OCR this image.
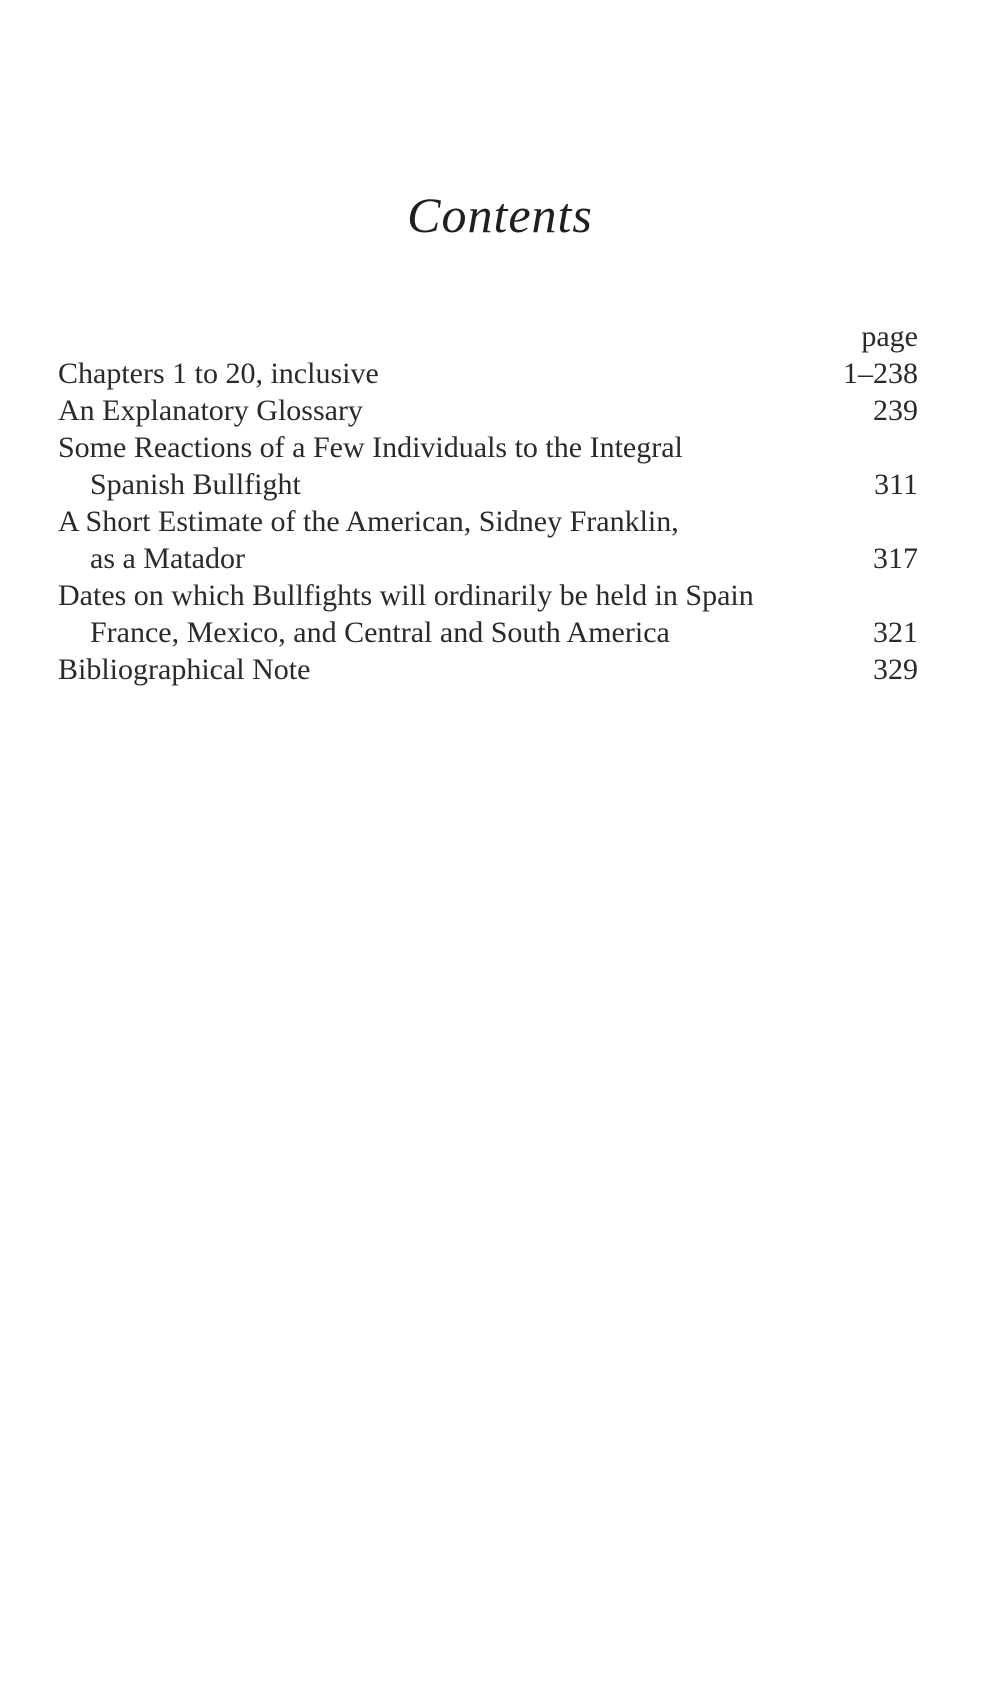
Contents
page
Chapters 1 to 20, inclusive	1–238
An Explanatory Glossary	239
Some Reactions of a Few Individuals to the Integral
Spanish Bullfight	311
A Short Estimate of the American, Sidney Franklin,
as a Matador	317
Dates on which Bullfights will ordinarily be held in Spain
France, Mexico, and Central and South America	321
Bibliographical Note	329
